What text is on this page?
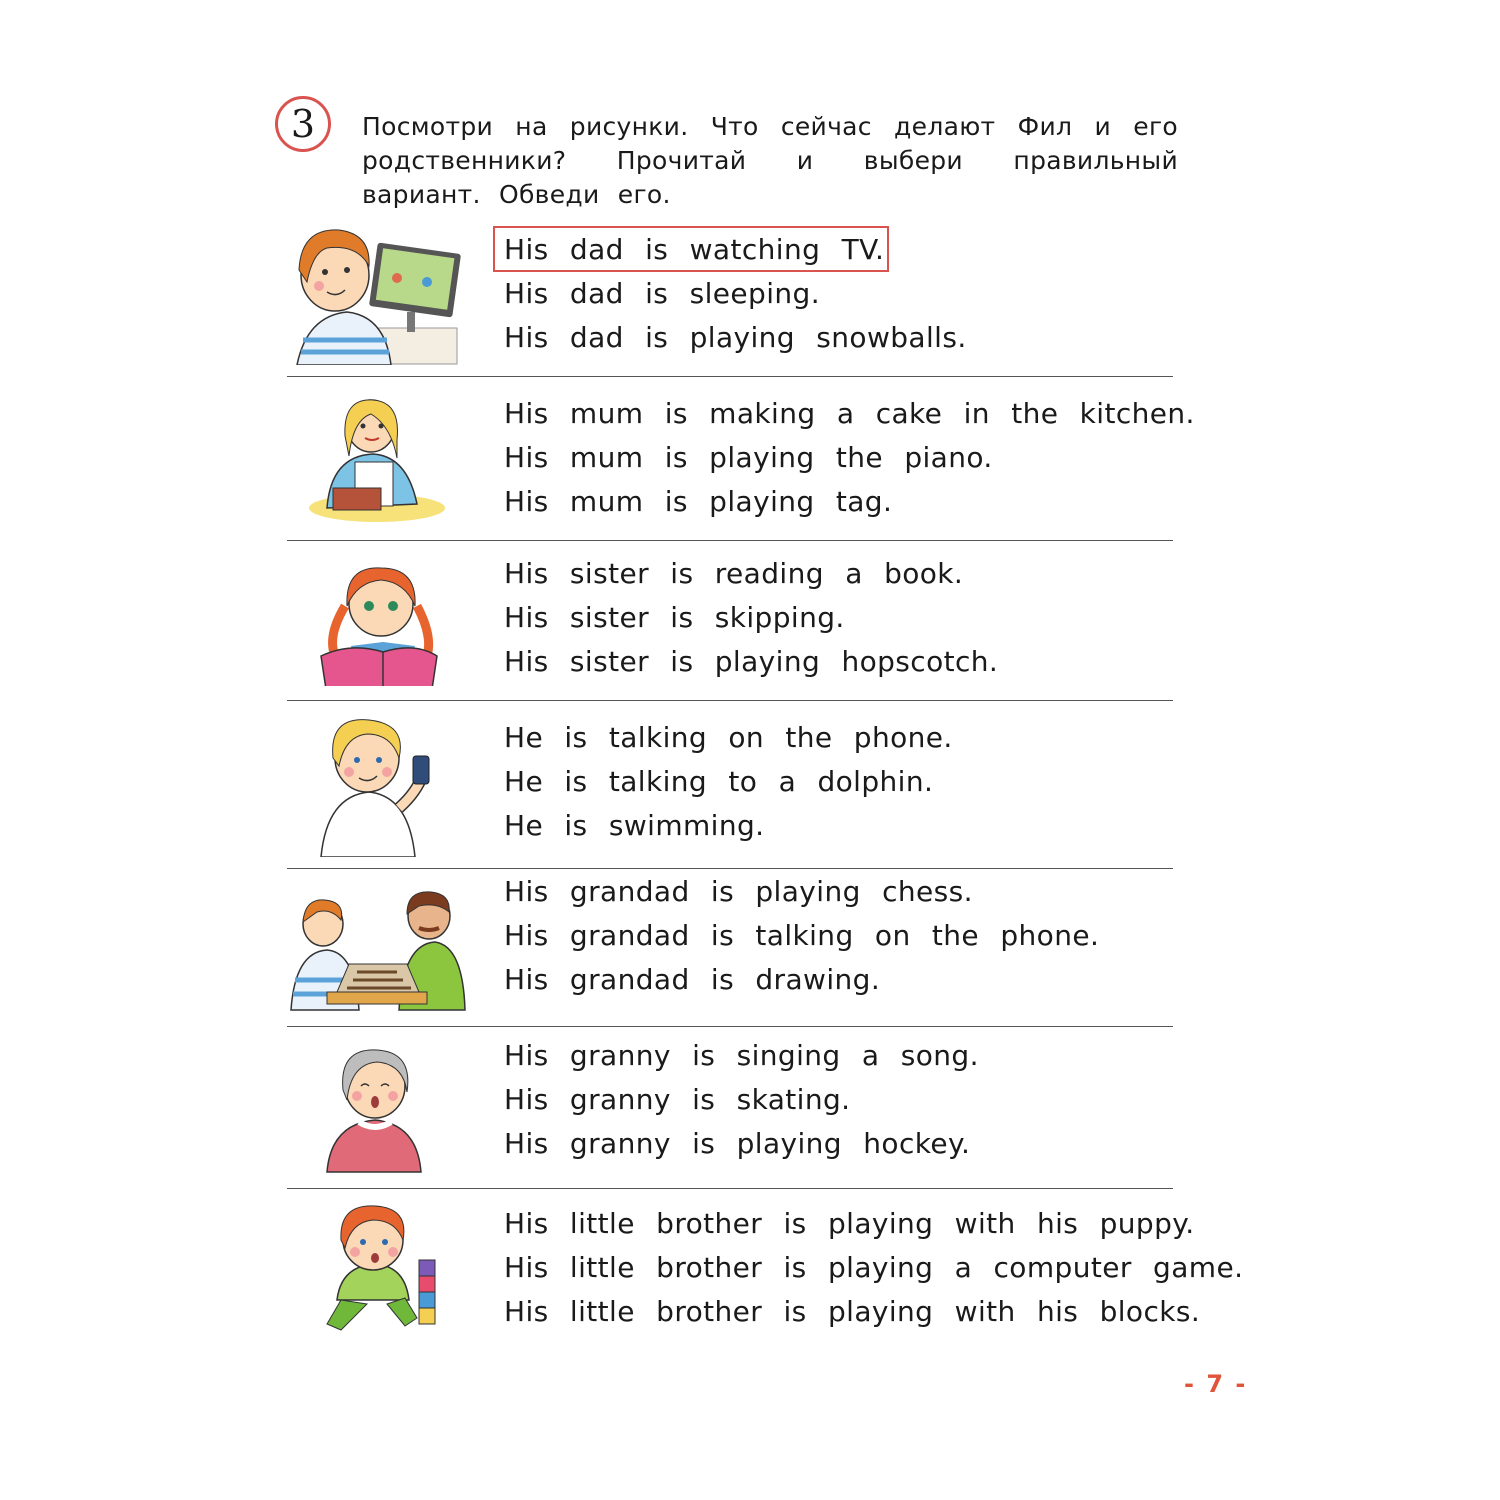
3	Посмотри на рисунки. Что сейчас делают Фил и его родственники? Прочитай и выбери правильный вариант. Обведи его.
His dad is watching TV.
His dad is sleeping.
His dad is playing snowballs.
His mum is making a cake in the kitchen.
His mum is playing the piano.
His mum is playing tag.
His sister is reading a book.
His sister is skipping.
His sister is playing hopscotch.
He is talking on the phone.
He is talking to a dolphin.
He is swimming.
His grandad is playing chess.
His grandad is talking on the phone.
His grandad is drawing.
His granny is singing a song.
His granny is skating.
His granny is playing hockey.
His little brother is playing with his puppy.
His little brother is playing a computer game.
His little brother is playing with his blocks.
- 7 -
